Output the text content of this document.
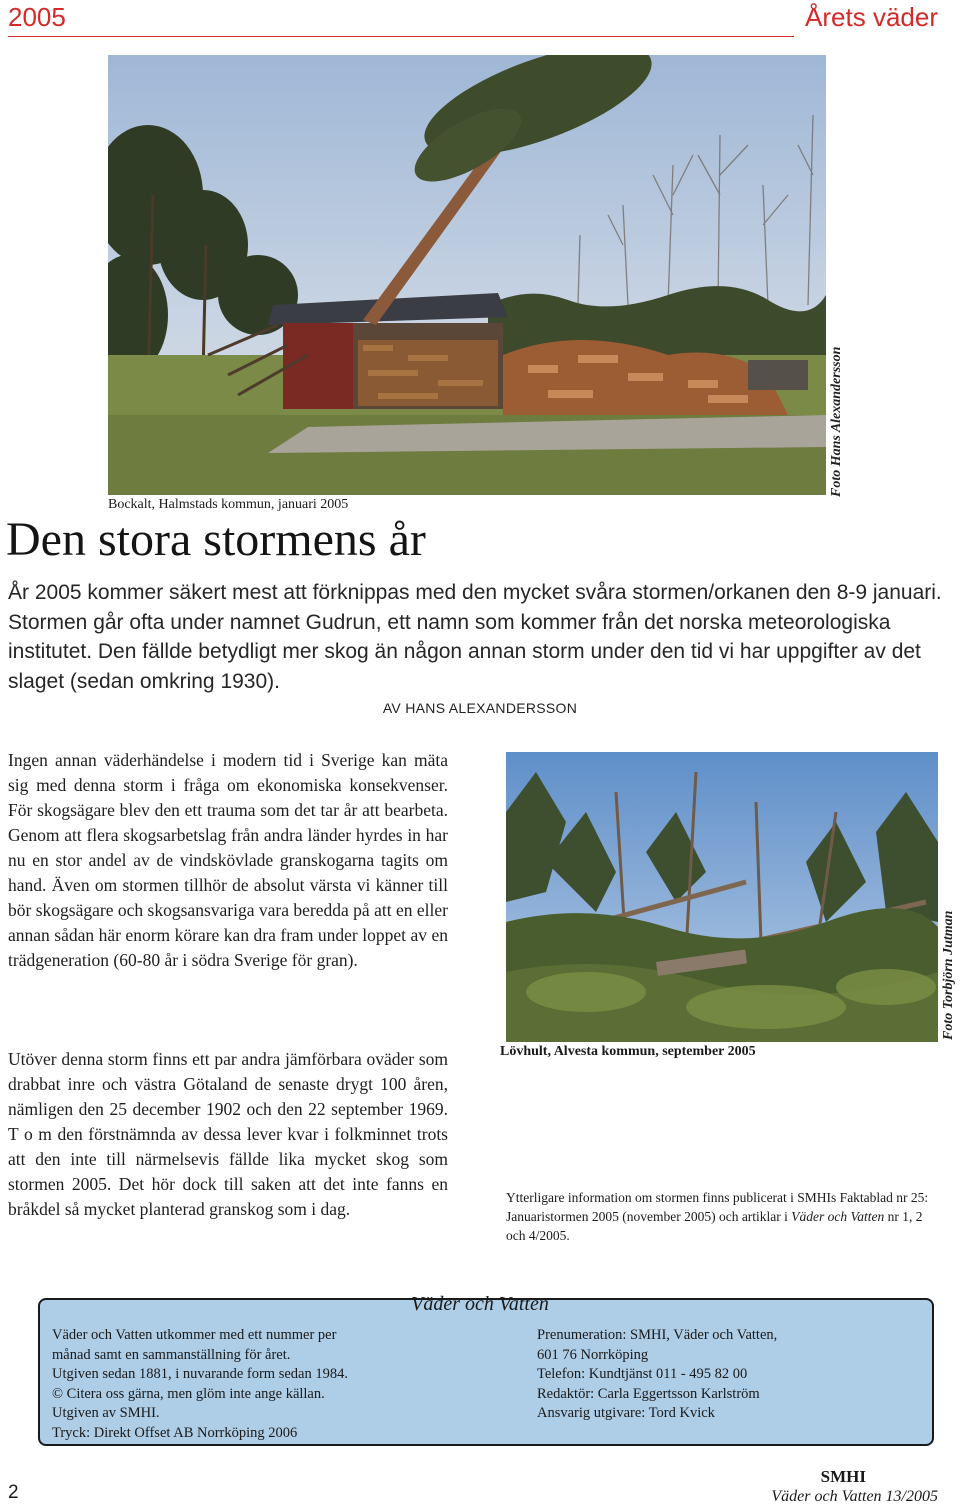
2005	Årets väder
Foto Hans Alexandersson
Bockalt, Halmstads kommun, januari 2005
Den stora stormens år

År 2005 kommer säkert mest att förknippas med den mycket svåra stormen/orkanen den 8-9 januari. Stormen går ofta under namnet Gudrun, ett namn som kommer från det norska meteorologiska institutet. Den fällde betydligt mer skog än någon annan storm under den tid vi har uppgifter av det slaget (sedan omkring 1930).

AV HANS ALEXANDERSSON

Ingen annan väderhändelse i modern tid i Sverige kan mäta sig med denna storm i fråga om ekonomiska konsekvenser. För skogsägare blev den ett trauma som det tar år att bearbeta. Genom att flera skogsarbetslag från andra länder hyrdes in har nu en stor andel av de vindskövlade granskogarna tagits om hand. Även om stormen tillhör de absolut värsta vi känner till bör skogsägare och skogsansvariga vara beredda på att en eller annan sådan här enorm körare kan dra fram under loppet av en trädgeneration (60-80 år i södra Sverige för gran).

Utöver denna storm finns ett par andra jämförbara oväder som drabbat inre och västra Götaland de senaste drygt 100 åren, nämligen den 25 december 1902 och den 22 september 1969. T o m den förstnämnda av dessa lever kvar i folkminnet trots att den inte till närmelsevis fällde lika mycket skog som stormen 2005. Det hör dock till saken att det inte fanns en bråkdel så mycket planterad granskog som i dag.

Lövhult, Alvesta kommun, september 2005
Foto Torbjörn Jutman

Ytterligare information om stormen finns publicerat i SMHIs Faktablad nr 25: Januaristormen 2005 (november 2005) och artiklar i Väder och Vatten nr 1, 2 och 4/2005.

Väder och Vatten
Väder och Vatten utkommer med ett nummer per
månad samt en sammanställning för året.
Utgiven sedan 1881, i nuvarande form sedan 1984.
© Citera oss gärna, men glöm inte ange källan.
Utgiven av SMHI.
Tryck: Direkt Offset AB Norrköping 2006
Prenumeration: SMHI, Väder och Vatten,
601 76 Norrköping
Telefon: Kundtjänst 011 - 495 82 00
Redaktör: Carla Eggertsson Karlström
Ansvarig utgivare: Tord Kvick
2
SMHI
Väder och Vatten 13/2005
